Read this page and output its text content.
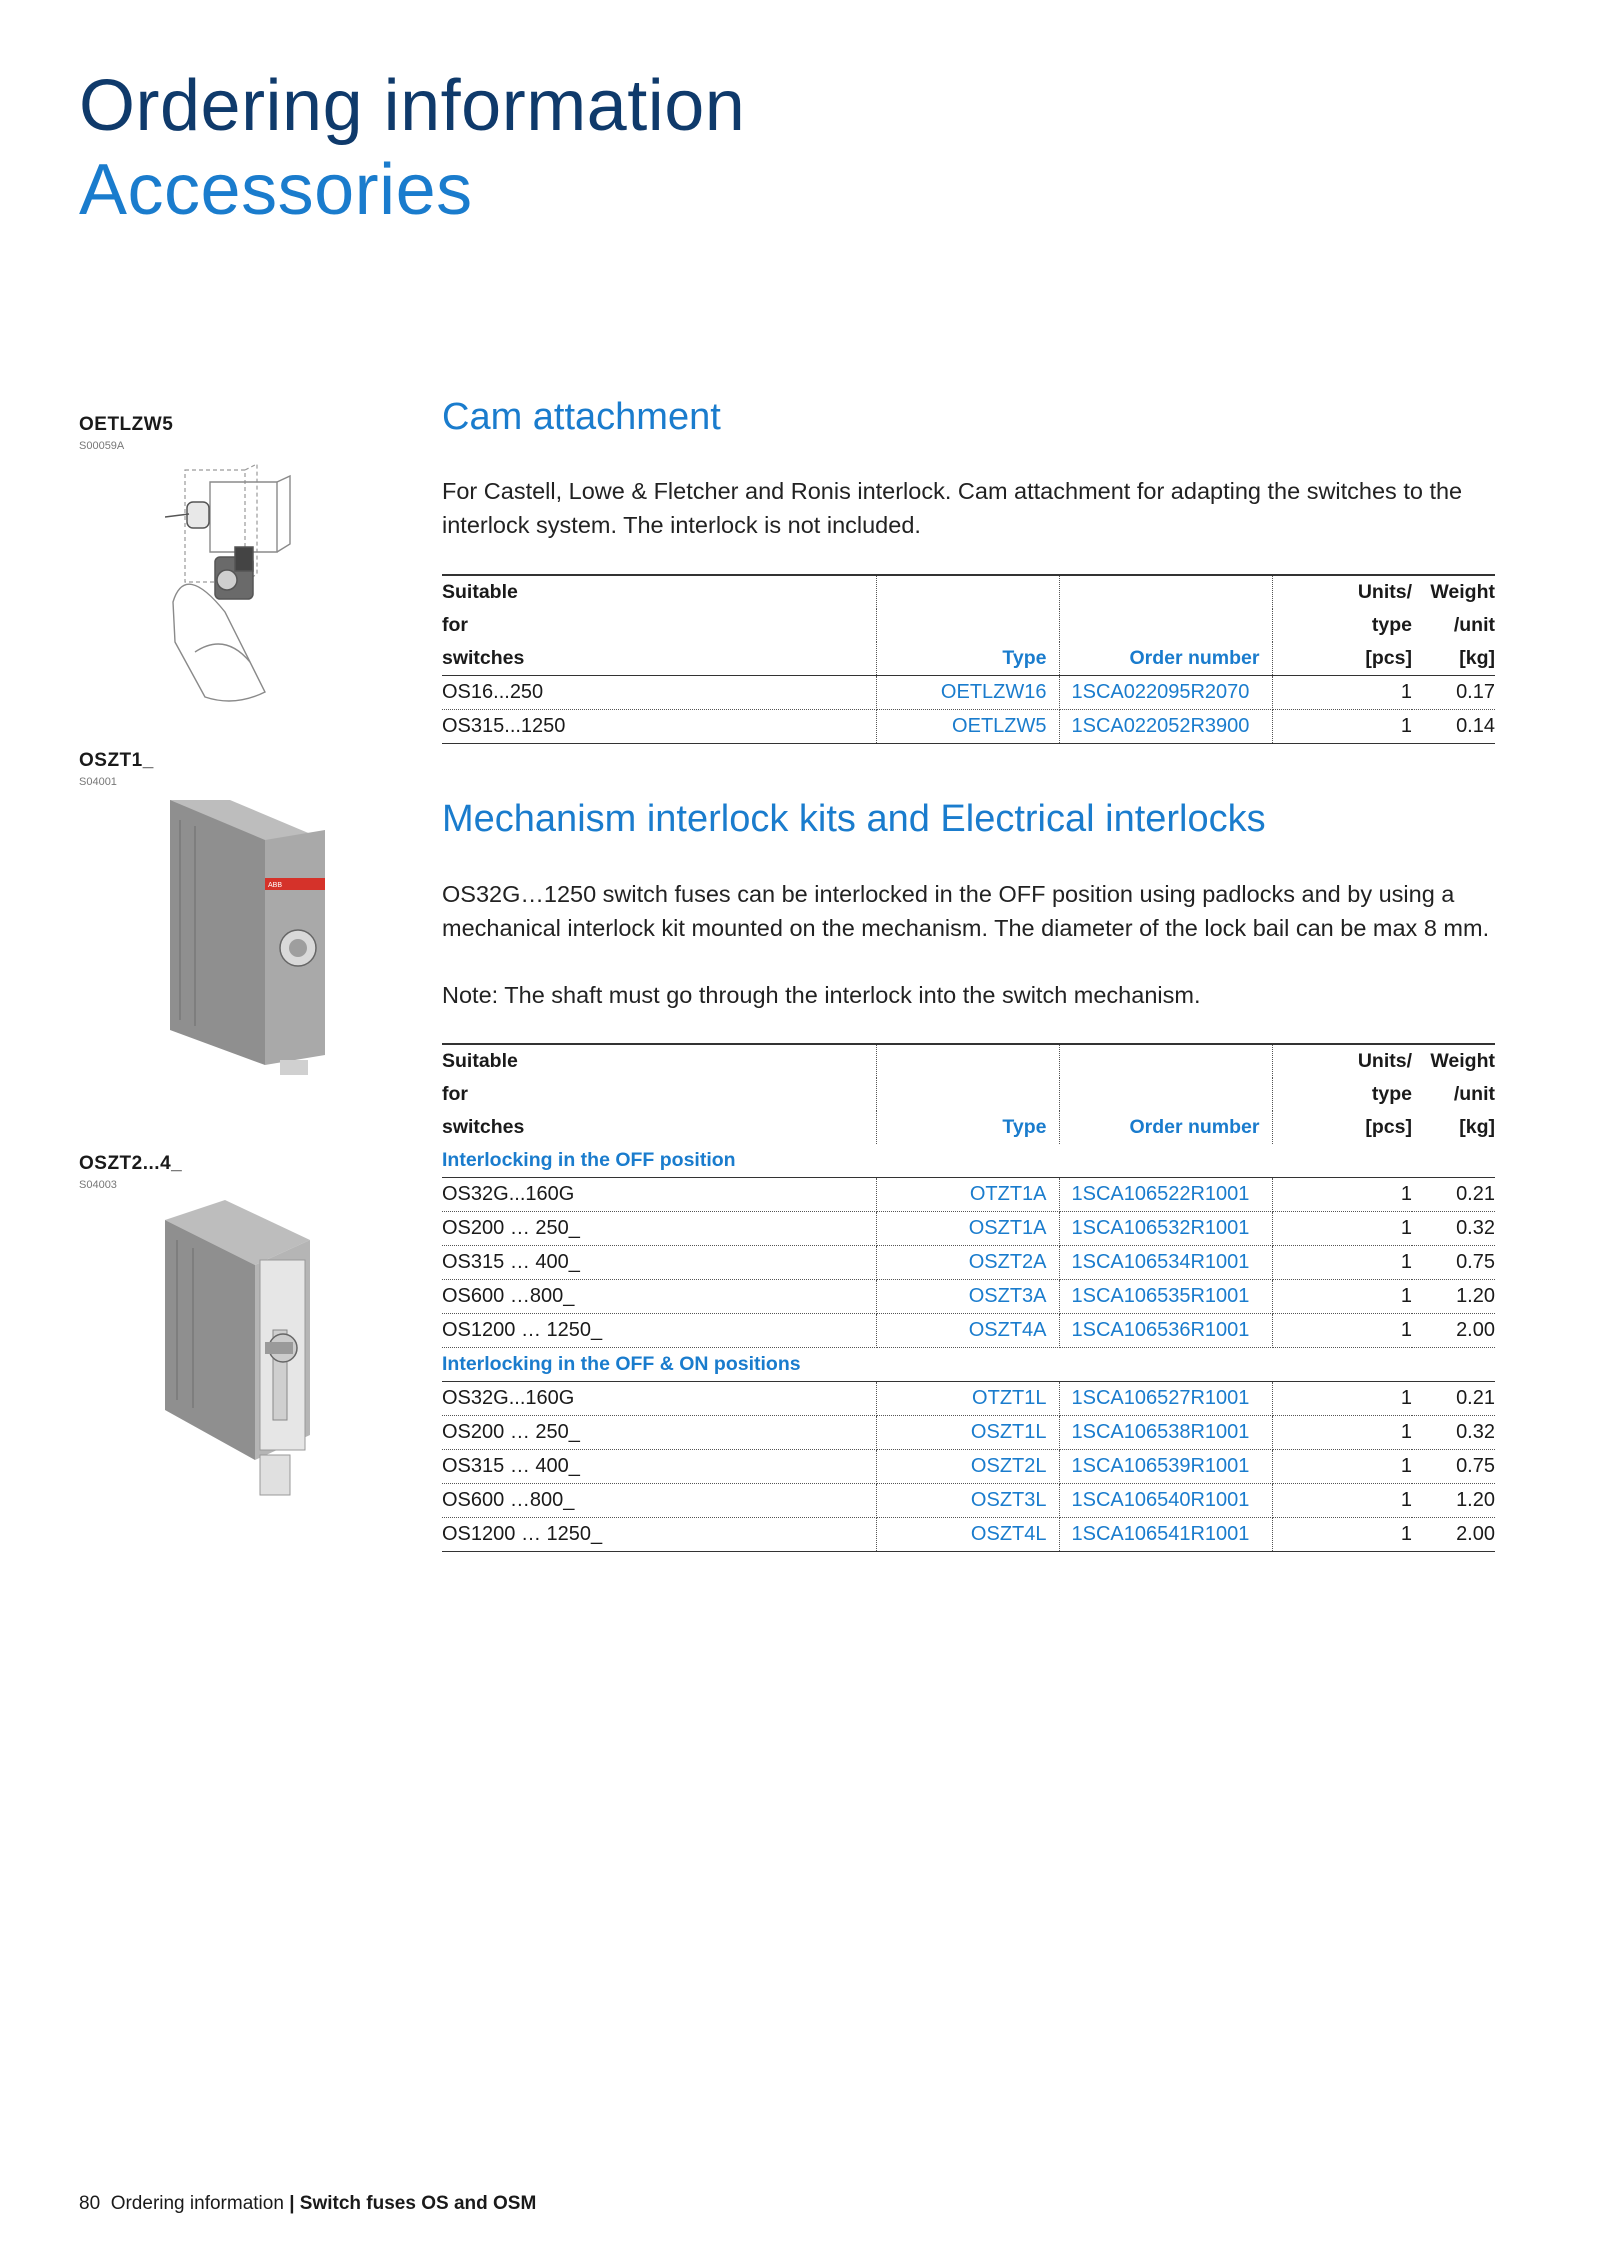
Ordering information
Accessories
OETLZW5
S00059A
OSZT1_
S04001
ABB
OSZT2...4_
S04003
Cam attachment

For Castell, Lowe & Fletcher and Ronis interlock. Cam attachment for adapting the switches to the interlock system. The interlock is not included.

Suitable			Units/	Weight
for			type	/unit
switches	Type	Order number	[pcs]	[kg]
OS16...250	OETLZW16	1SCA022095R2070	1	0.17
OS315...1250	OETLZW5	1SCA022052R3900	1	0.14
Mechanism interlock kits and Electrical interlocks

OS32G…1250 switch fuses can be interlocked in the OFF position using padlocks and by using a mechanical interlock kit mounted on the mechanism. The diameter of the lock bail can be max 8 mm.

Note: The shaft must go through the interlock into the switch mechanism.

Suitable			Units/	Weight
for			type	/unit
switches	Type	Order number	[pcs]	[kg]
Interlocking in the OFF position				
OS32G...160G	OTZT1A	1SCA106522R1001	1	0.21
OS200 … 250_	OSZT1A	1SCA106532R1001	1	0.32
OS315 … 400_	OSZT2A	1SCA106534R1001	1	0.75
OS600 …800_	OSZT3A	1SCA106535R1001	1	1.20
OS1200 … 1250_	OSZT4A	1SCA106536R1001	1	2.00
Interlocking in the OFF & ON positions				
OS32G...160G	OTZT1L	1SCA106527R1001	1	0.21
OS200 … 250_	OSZT1L	1SCA106538R1001	1	0.32
OS315 … 400_	OSZT2L	1SCA106539R1001	1	0.75
OS600 …800_	OSZT3L	1SCA106540R1001	1	1.20
OS1200 … 1250_	OSZT4L	1SCA106541R1001	1	2.00
80 Ordering information | Switch fuses OS and OSM
